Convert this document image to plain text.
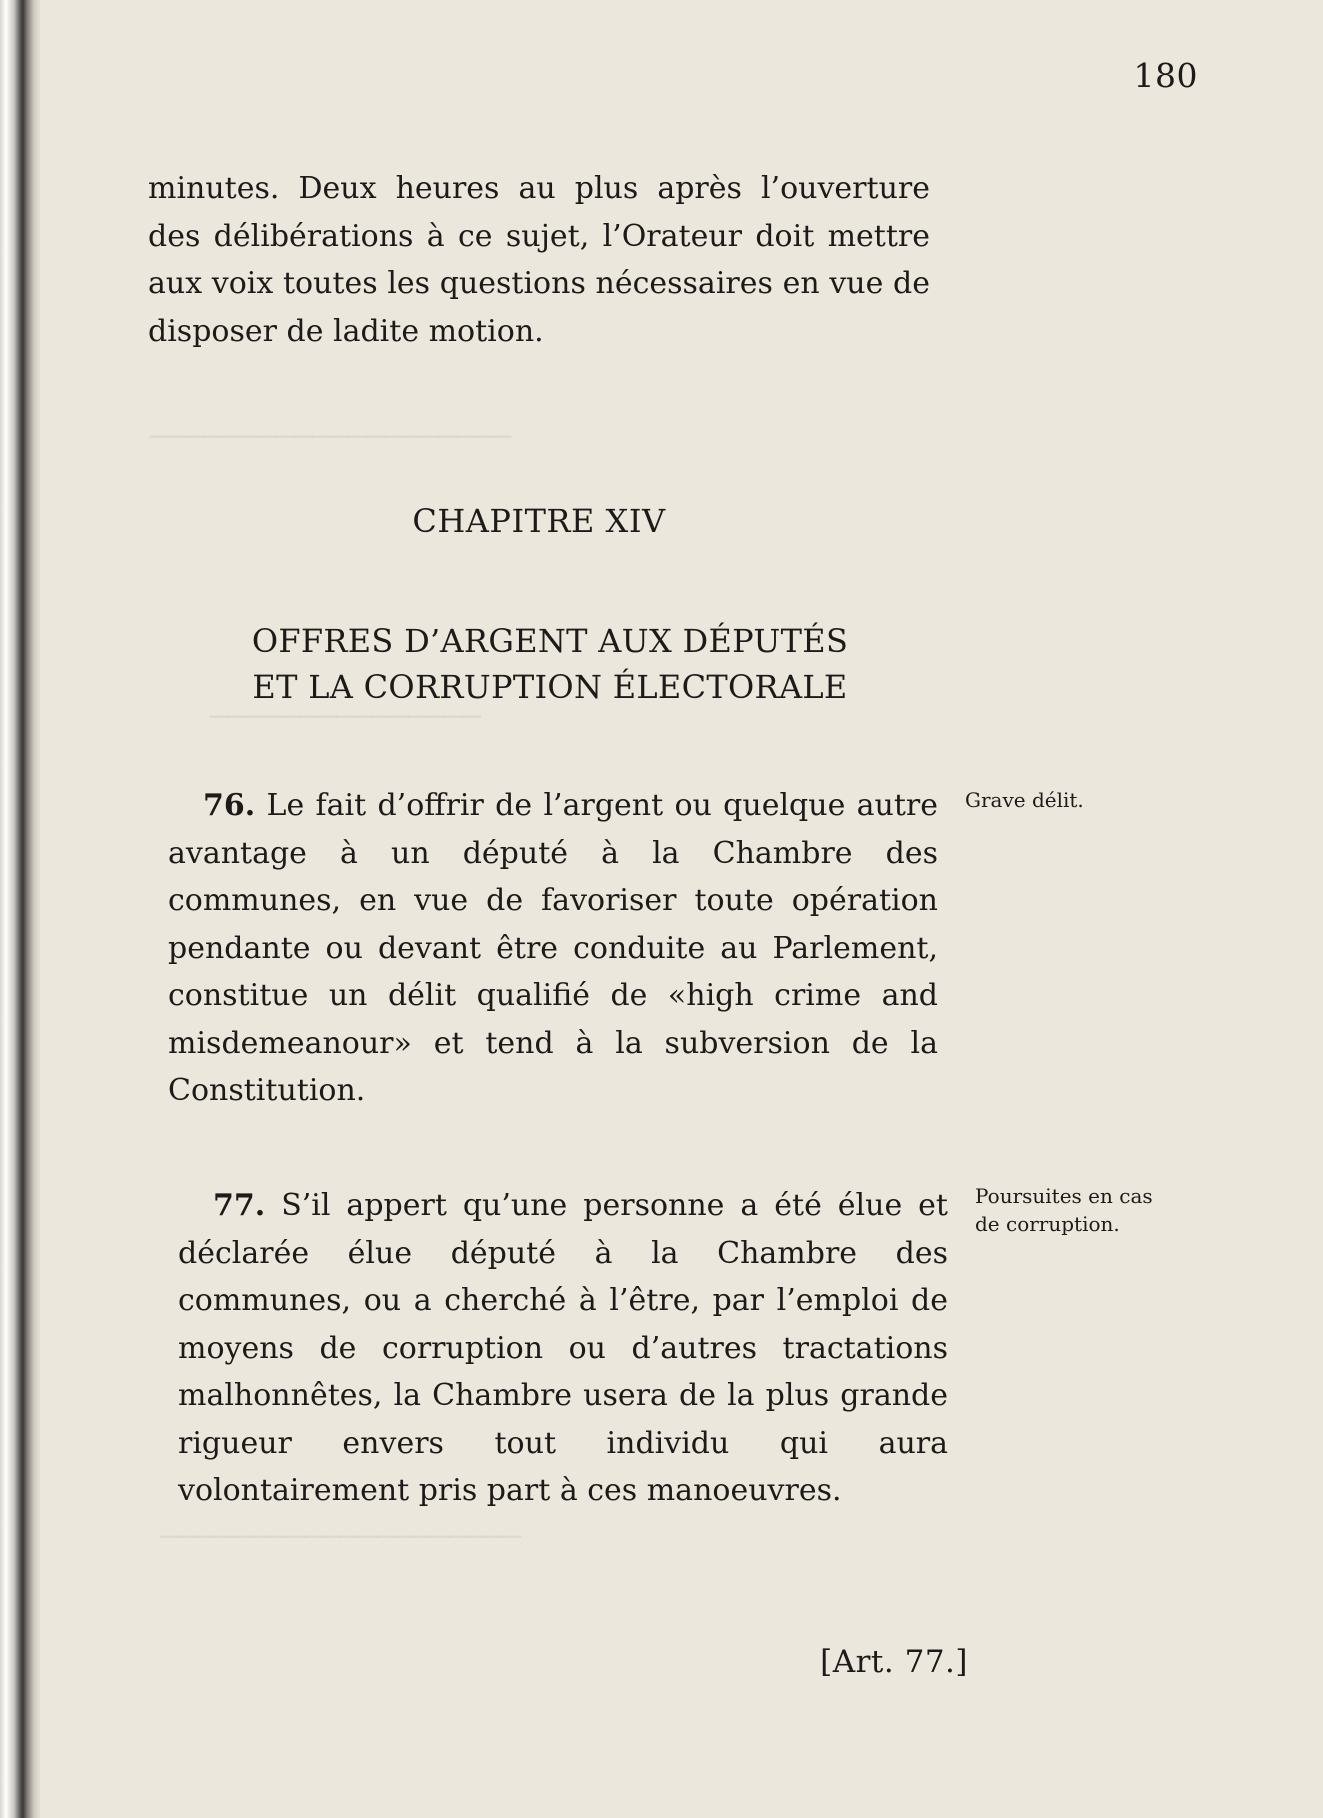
────────────────────
───────────────
────────────────────
180

minutes. Deux heures au plus après l’ouverture des délibérations à ce sujet, l’Orateur doit mettre aux voix toutes les questions nécessaires en vue de disposer de ladite motion.

CHAPITRE XIV
OFFRES D’ARGENT AUX DÉPUTÉS
ET LA CORRUPTION ÉLECTORALE

76. Le fait d’offrir de l’argent ou quelque autre avantage à un député à la Chambre des communes, en vue de favoriser toute opération pendante ou devant être conduite au Parlement, constitue un délit qualifié de «high crime and misdemeanour» et tend à la subversion de la Constitution.

Grave délit.

77. S’il appert qu’une personne a été élue et déclarée élue député à la Chambre des communes, ou a cherché à l’être, par l’emploi de moyens de corruption ou d’autres tractations malhonnêtes, la Chambre usera de la plus grande rigueur envers tout individu qui aura volontairement pris part à ces manoeuvres.

Poursuites en cas de corruption.
[Art. 77.]
